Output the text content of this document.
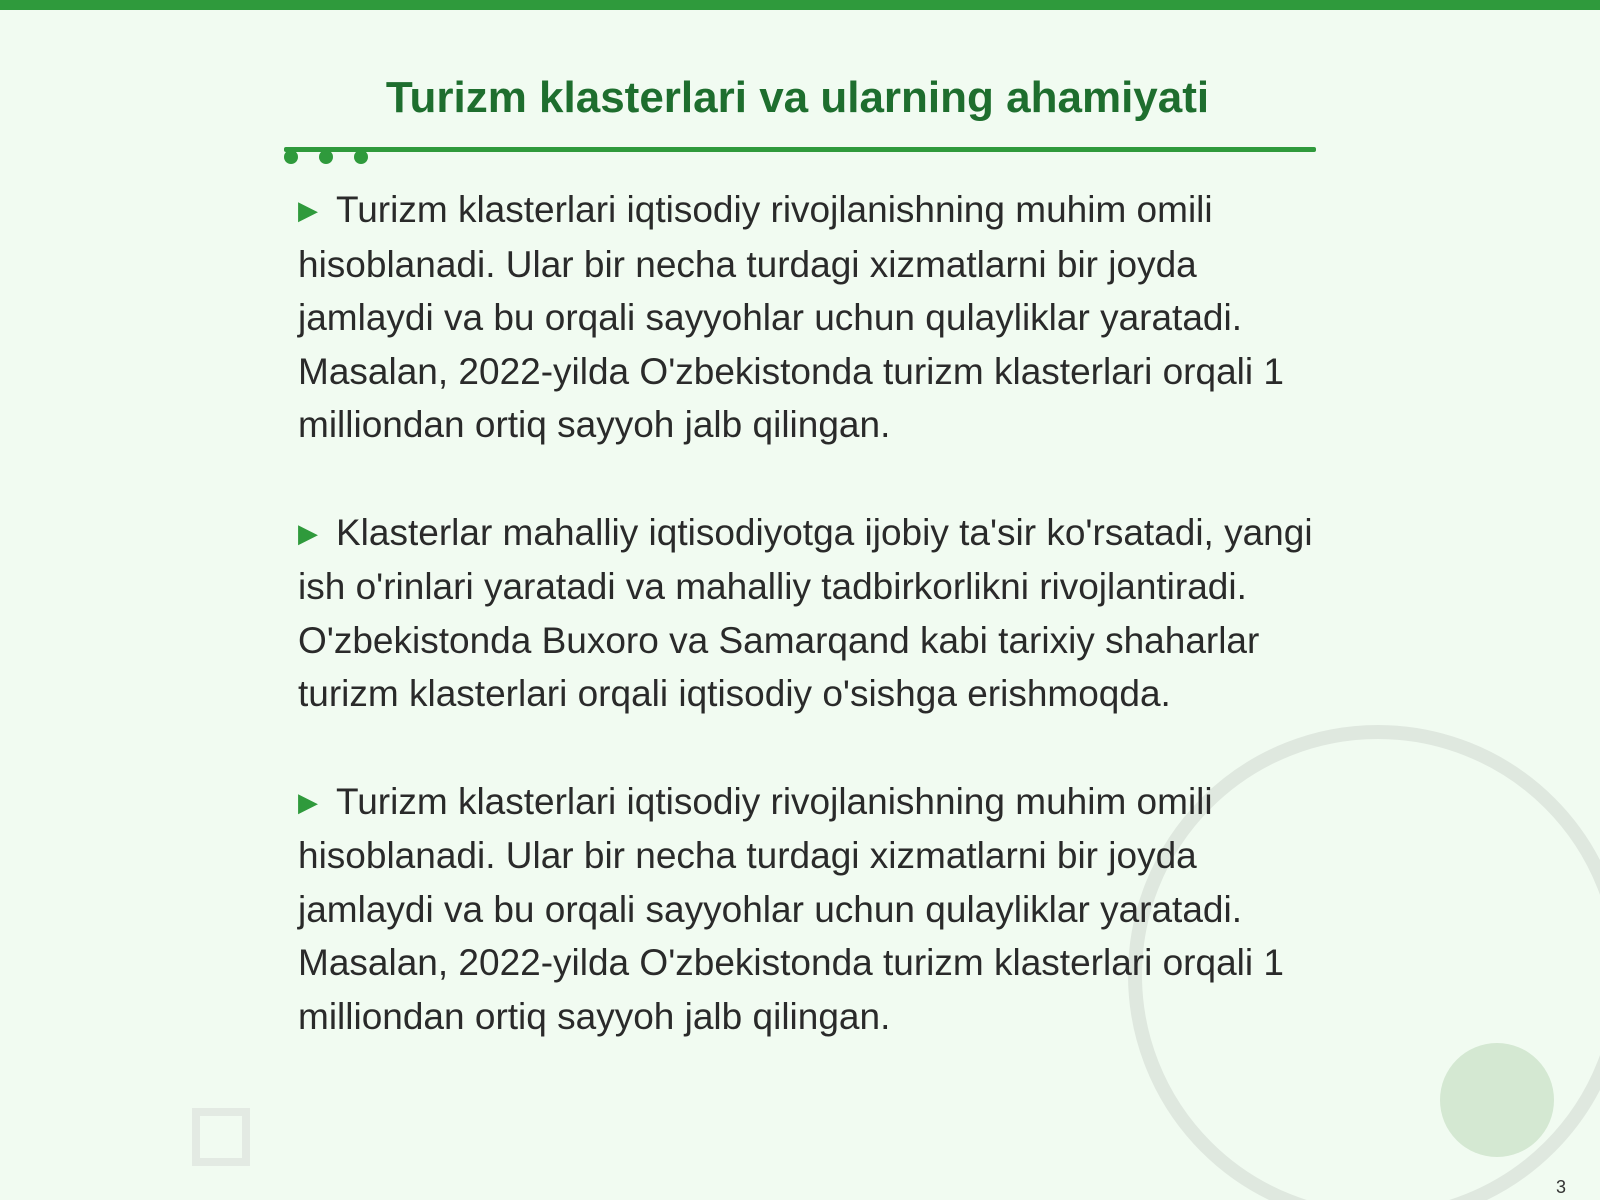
Turizm klasterlari va ularning ahamiyati

▶ Turizm klasterlari iqtisodiy rivojlanishning muhim omili hisoblanadi. Ular bir necha turdagi xizmatlarni bir joyda jamlaydi va bu orqali sayyohlar uchun qulayliklar yaratadi. Masalan, 2022-yilda O'zbekistonda turizm klasterlari orqali 1 milliondan ortiq sayyoh jalb qilingan.

▶ Klasterlar mahalliy iqtisodiyotga ijobiy ta'sir ko'rsatadi, yangi ish o'rinlari yaratadi va mahalliy tadbirkorlikni rivojlantiradi. O'zbekistonda Buxoro va Samarqand kabi tarixiy shaharlar turizm klasterlari orqali iqtisodiy o'sishga erishmoqda.

▶ Turizm klasterlari iqtisodiy rivojlanishning muhim omili hisoblanadi. Ular bir necha turdagi xizmatlarni bir joyda jamlaydi va bu orqali sayyohlar uchun qulayliklar yaratadi. Masalan, 2022-yilda O'zbekistonda turizm klasterlari orqali 1 milliondan ortiq sayyoh jalb qilingan.

3
